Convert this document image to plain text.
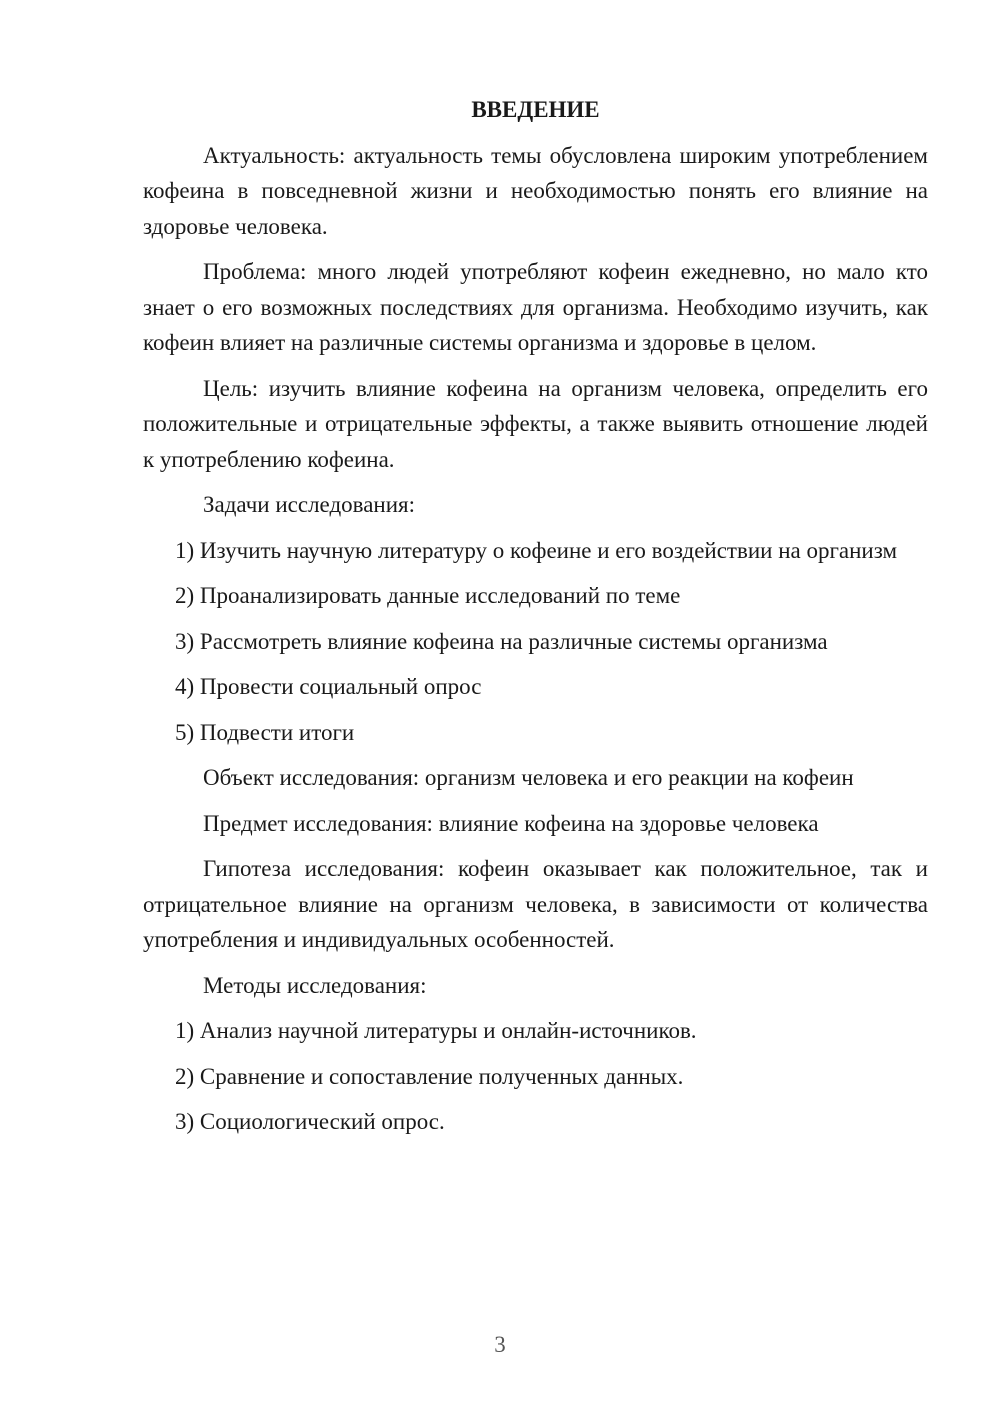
ВВЕДЕНИЕ

Актуальность: актуальность темы обусловлена широким употреблением кофеина в повседневной жизни и необходимостью понять его влияние на здоровье человека.

Проблема: много людей употребляют кофеин ежедневно, но мало кто знает о его возможных последствиях для организма. Необходимо изучить, как кофеин влияет на различные системы организма и здоровье в целом.

Цель: изучить влияние кофеина на организм человека, определить его положительные и отрицательные эффекты, а также выявить отношение людей к употреблению кофеина.

Задачи исследования:

1) Изучить научную литературу о кофеине и его воздействии на организм

2) Проанализировать данные исследований по теме

3) Рассмотреть влияние кофеина на различные системы организма

4) Провести социальный опрос

5) Подвести итоги

Объект исследования: организм человека и его реакции на кофеин

Предмет исследования: влияние кофеина на здоровье человека

Гипотеза исследования: кофеин оказывает как положительное, так и отрицательное влияние на организм человека, в зависимости от количества употребления и индивидуальных особенностей.

Методы исследования:

1) Анализ научной литературы и онлайн-источников.

2) Сравнение и сопоставление полученных данных.

3) Социологический опрос.

3
